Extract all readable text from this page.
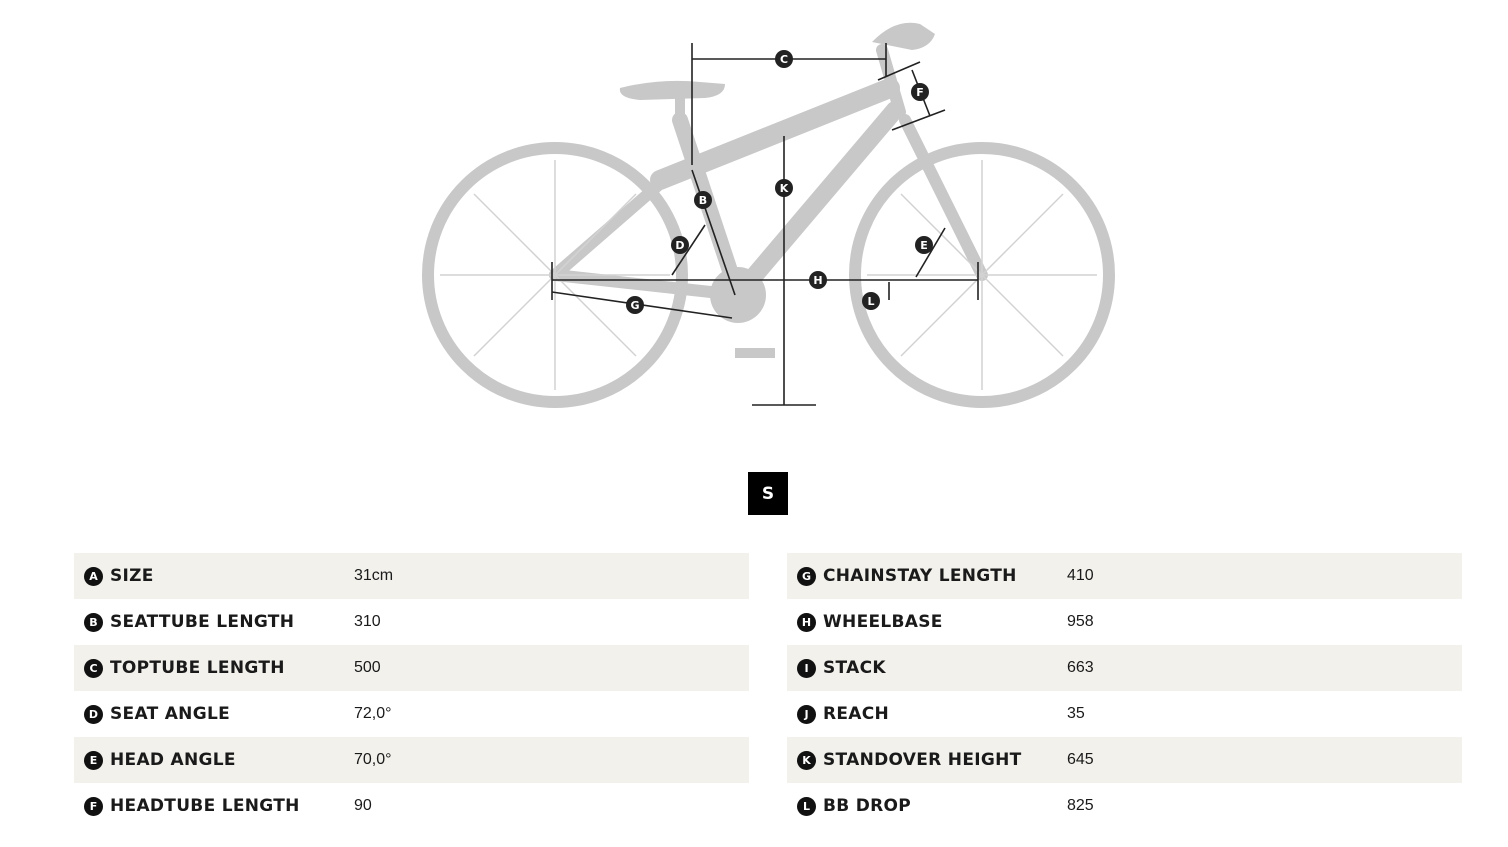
C
F
K
B
D	E
H
L
G
S
A SIZE	31cm
B SEATTUBE LENGTH	310
C TOPTUBE LENGTH	500
D SEAT ANGLE	72,0°
E HEAD ANGLE	70,0°
F HEADTUBE LENGTH	90
G CHAINSTAY LENGTH	410
H WHEELBASE	958
I STACK	663
J REACH	35
K STANDOVER HEIGHT	645
L BB DROP	825
